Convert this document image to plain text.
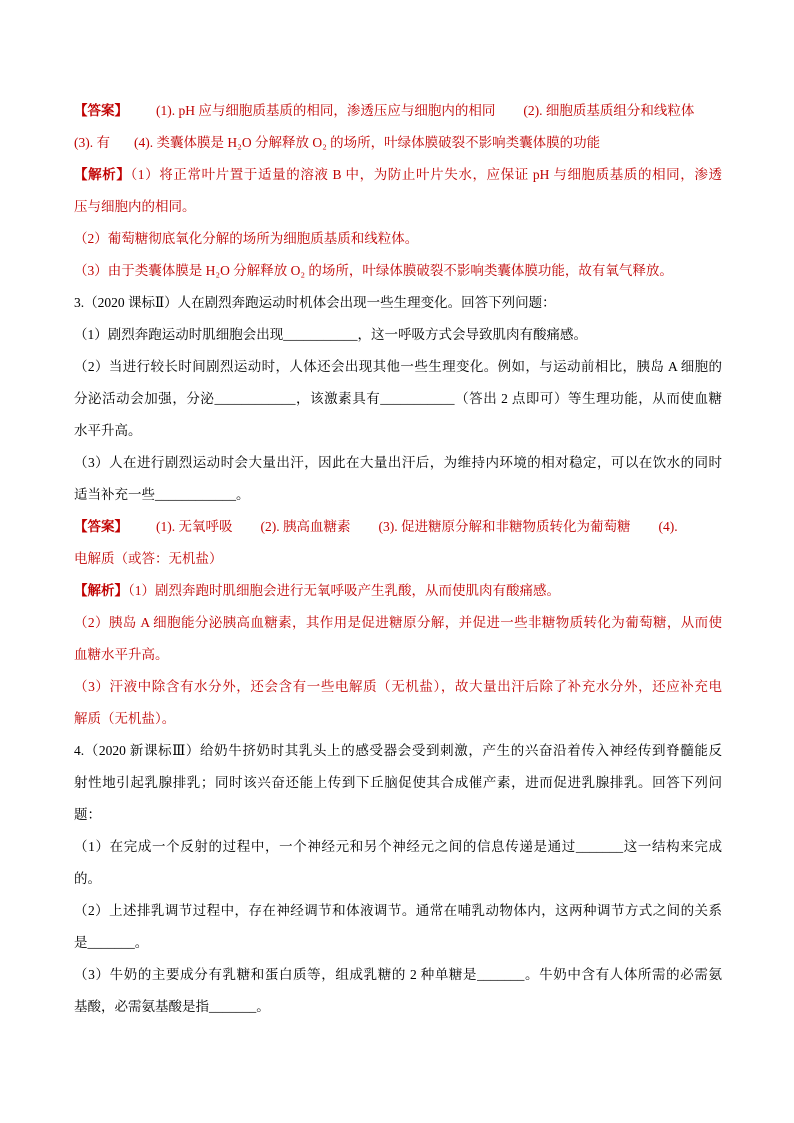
【答案】 (1). pH 应与细胞质基质的相同，渗透压应与细胞内的相同 (2). 细胞质基质组分和线粒体
(3). 有 (4). 类囊体膜是 H₂O 分解释放 O₂ 的场所，叶绿体膜破裂不影响类囊体膜的功能
【解析】（1）将正常叶片置于适量的溶液 B 中，为防止叶片失水，应保证 pH 与细胞质基质的相同，渗透
压与细胞内的相同。
（2）葡萄糖彻底氧化分解的场所为细胞质基质和线粒体。
（3）由于类囊体膜是 H₂O 分解释放 O₂ 的场所，叶绿体膜破裂不影响类囊体膜功能，故有氧气释放。
3.（2020 课标Ⅱ）人在剧烈奔跑运动时机体会出现一些生理变化。回答下列问题：
（1）剧烈奔跑运动时肌细胞会出现___________，这一呼吸方式会导致肌肉有酸痛感。
（2）当进行较长时间剧烈运动时，人体还会出现其他一些生理变化。例如，与运动前相比，胰岛 A 细胞的
分泌活动会加强，分泌____________，该激素具有___________（答出 2 点即可）等生理功能，从而使血糖
水平升高。
（3）人在进行剧烈运动时会大量出汗，因此在大量出汗后，为维持内环境的相对稳定，可以在饮水的同时
适当补充一些____________。
【答案】 (1). 无氧呼吸 (2). 胰高血糖素 (3). 促进糖原分解和非糖物质转化为葡萄糖 (4).
电解质（或答：无机盐）
【解析】（1）剧烈奔跑时肌细胞会进行无氧呼吸产生乳酸，从而使肌肉有酸痛感。
（2）胰岛 A 细胞能分泌胰高血糖素，其作用是促进糖原分解，并促进一些非糖物质转化为葡萄糖，从而使
血糖水平升高。
（3）汗液中除含有水分外，还会含有一些电解质（无机盐），故大量出汗后除了补充水分外，还应补充电
解质（无机盐）。
4.（2020 新课标Ⅲ）给奶牛挤奶时其乳头上的感受器会受到刺激，产生的兴奋沿着传入神经传到脊髓能反
射性地引起乳腺排乳；同时该兴奋还能上传到下丘脑促使其合成催产素，进而促进乳腺排乳。回答下列问
题：
（1）在完成一个反射的过程中，一个神经元和另个神经元之间的信息传递是通过_______这一结构来完成
的。
（2）上述排乳调节过程中，存在神经调节和体液调节。通常在哺乳动物体内，这两种调节方式之间的关系
是_______。
（3）牛奶的主要成分有乳糖和蛋白质等，组成乳糖的 2 种单糖是_______。牛奶中含有人体所需的必需氨
基酸，必需氨基酸是指_______。
